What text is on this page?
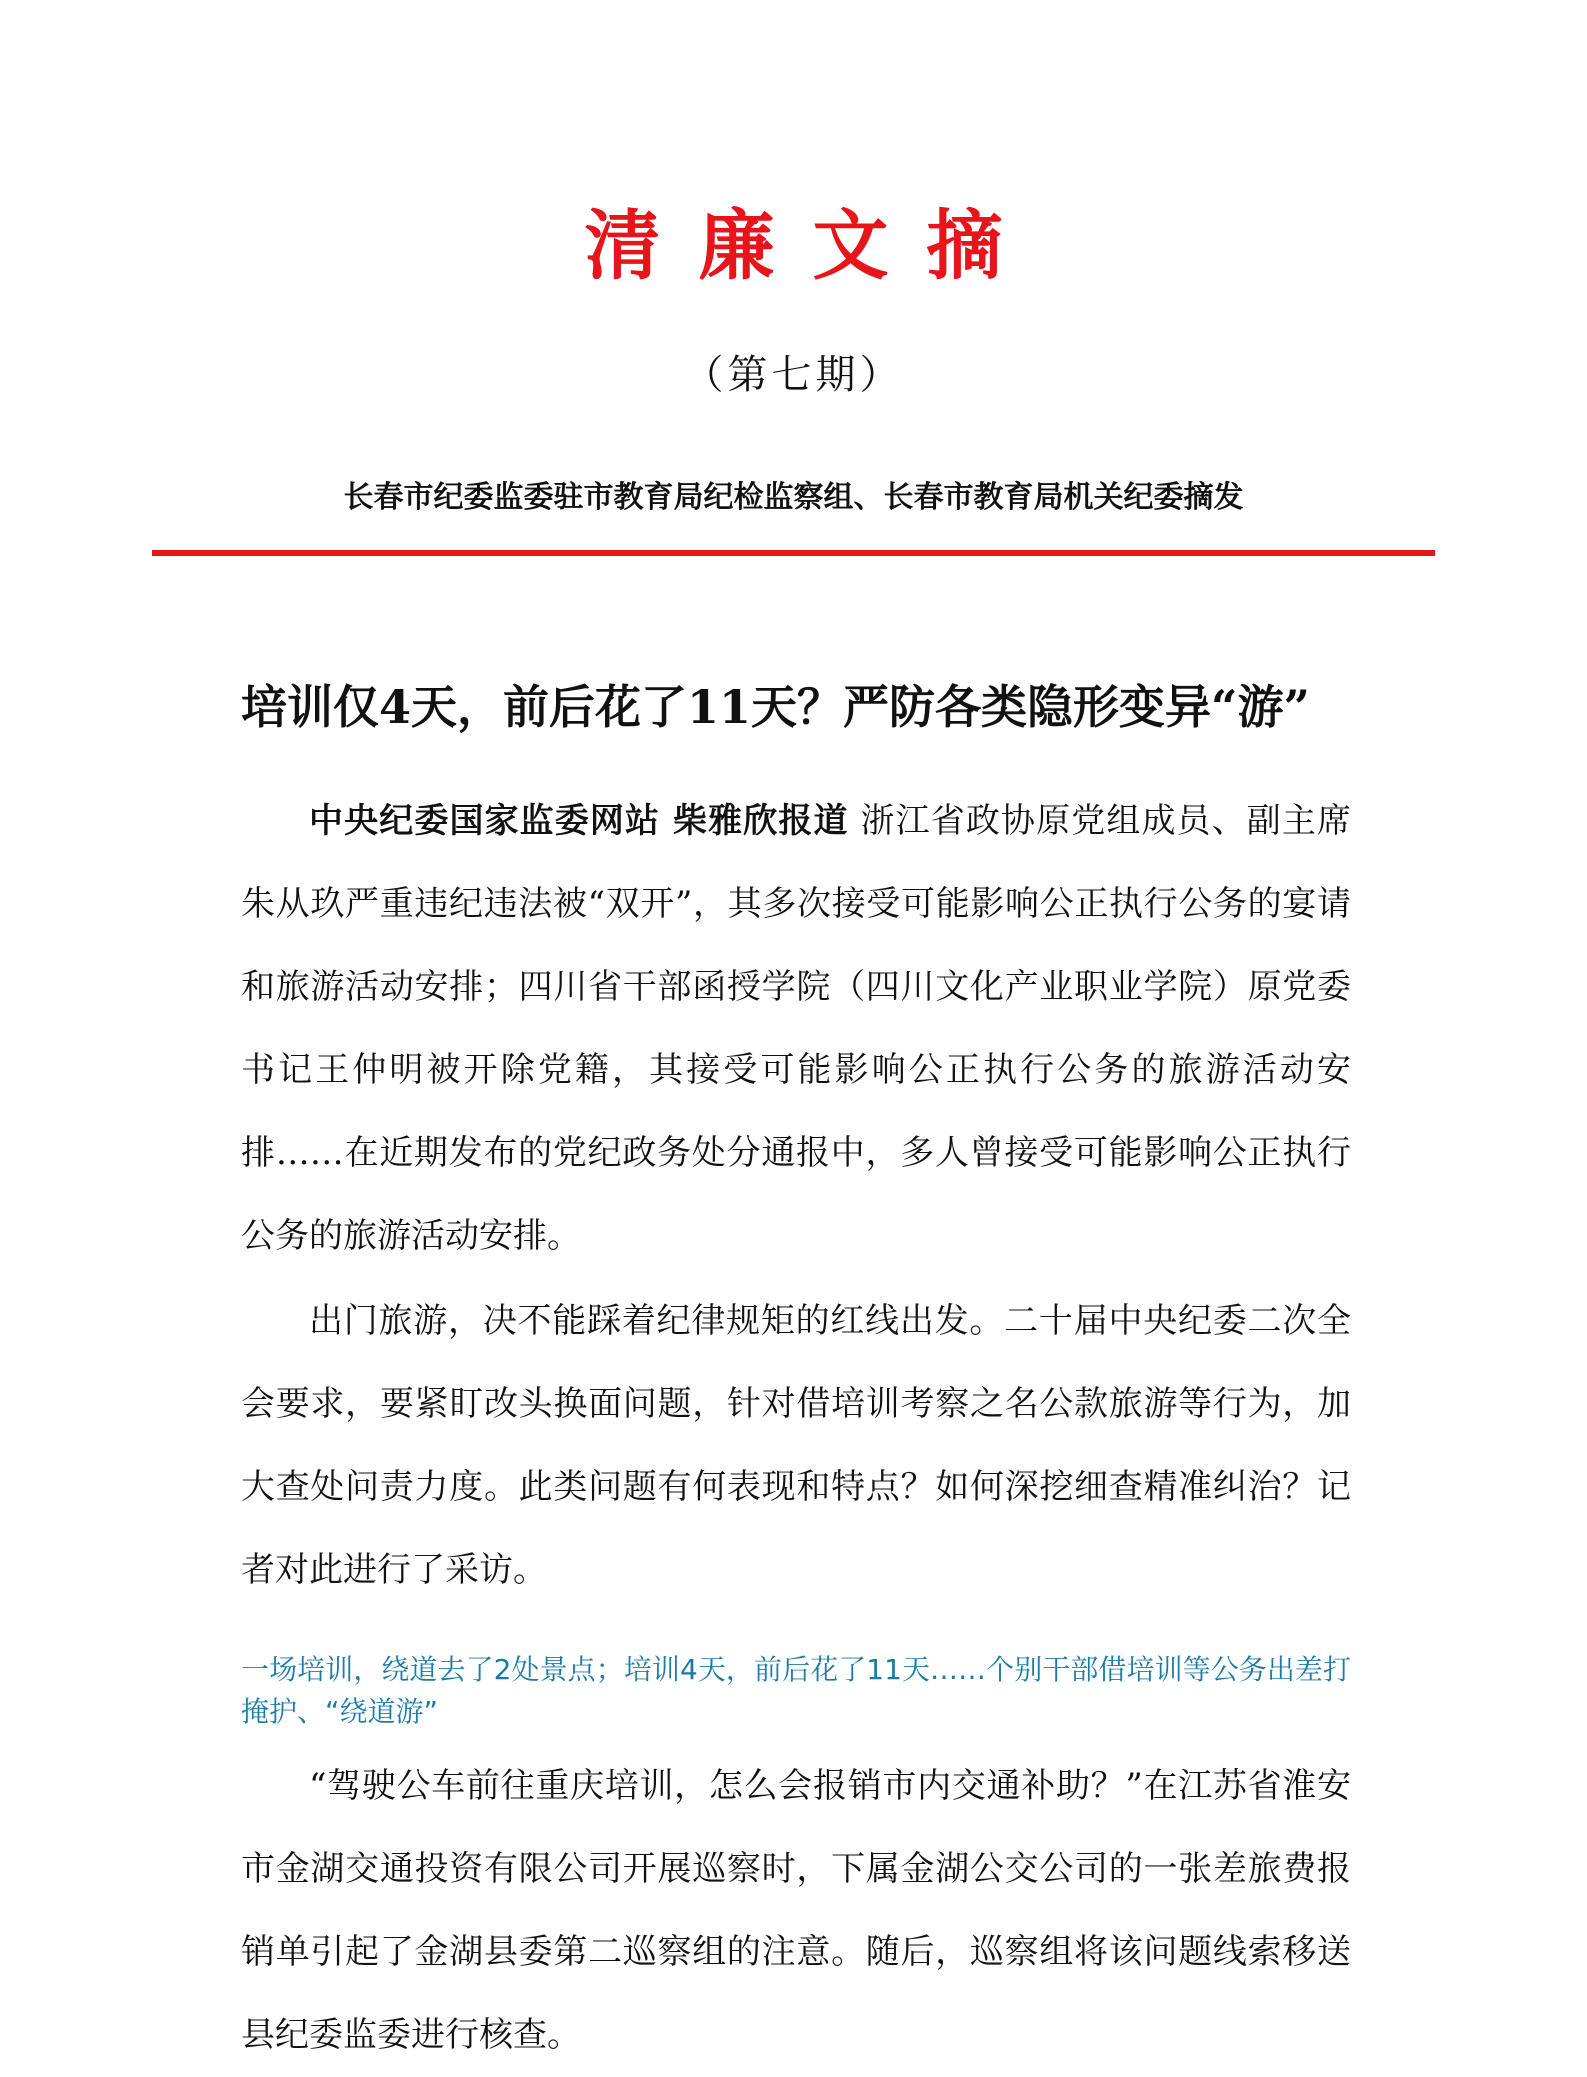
清廉文摘
（第七期）
长春市纪委监委驻市教育局纪检监察组、长春市教育局机关纪委摘发
培训仅4天，前后花了11天？严防各类隐形变异“游”

中央纪委国家监委网站 柴雅欣报道 浙江省政协原党组成员、副主席朱从玖严重违纪违法被“双开”，其多次接受可能影响公正执行公务的宴请和旅游活动安排；四川省干部函授学院（四川文化产业职业学院）原党委书记王仲明被开除党籍，其接受可能影响公正执行公务的旅游活动安排……在近期发布的党纪政务处分通报中，多人曾接受可能影响公正执行公务的旅游活动安排。

出门旅游，决不能踩着纪律规矩的红线出发。二十届中央纪委二次全会要求，要紧盯改头换面问题，针对借培训考察之名公款旅游等行为，加大查处问责力度。此类问题有何表现和特点？如何深挖细查精准纠治？记者对此进行了采访。

一场培训，绕道去了2处景点；培训4天，前后花了11天……个别干部借培训等公务出差打掩护、“绕道游”

“驾驶公车前往重庆培训，怎么会报销市内交通补助？”在江苏省淮安市金湖交通投资有限公司开展巡察时，下属金湖公交公司的一张差旅费报销单引起了金湖县委第二巡察组的注意。随后，巡察组将该问题线索移送县纪委监委进行核查。
